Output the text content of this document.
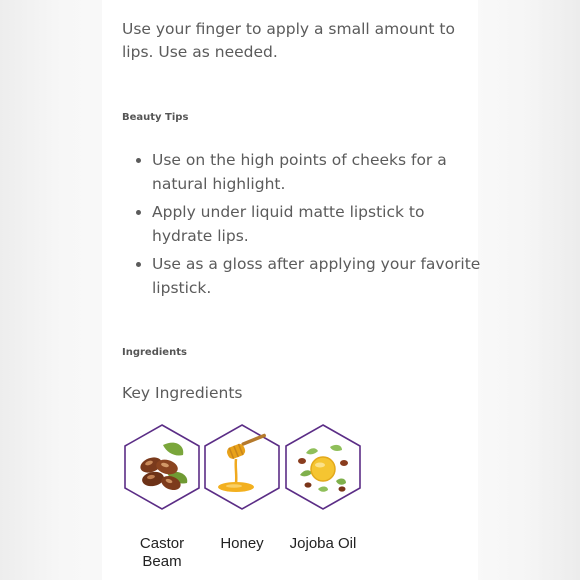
Use your finger to apply a small amount to lips. Use as needed.

Beauty Tips
• Use on the high points of cheeks for a natural highlight.
• Apply under liquid matte lipstick to hydrate lips.
• Use as a gloss after applying your favorite lipstick.
Ingredients

Key Ingredients

Castor Beam
Honey	Jojoba Oil
